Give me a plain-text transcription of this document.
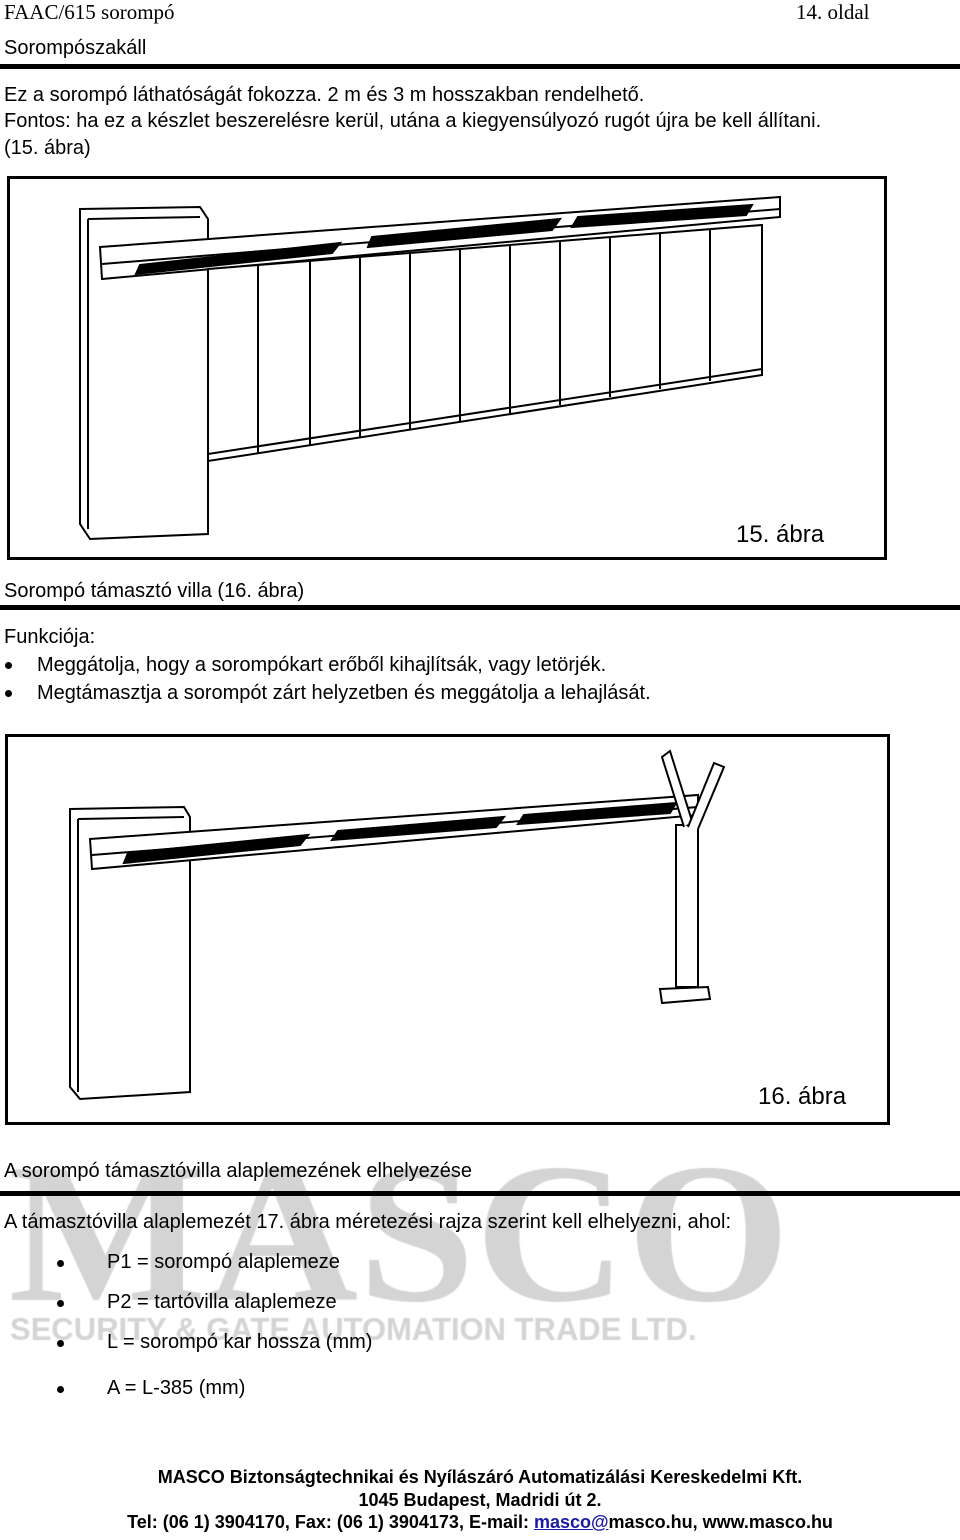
FAAC/615 sorompó	14. oldal
Sorompószakáll
Ez a sorompó láthatóságát fokozza. 2 m és 3 m hosszakban rendelhető.
Fontos: ha ez a készlet beszerelésre kerül, utána a kiegyensúlyozó rugót újra be kell állítani.
(15. ábra)
15. ábra
Sorompó támasztó villa (16. ábra)
Funkciója:
Meggátolja, hogy a sorompókart erőből kihajlítsák, vagy letörjék.
Megtámasztja a sorompót zárt helyzetben és meggátolja a lehajlását.
16. ábra
A sorompó támasztóvilla alaplemezének elhelyezése
A támasztóvilla alaplemezét 17. ábra méretezési rajza szerint kell elhelyezni, ahol:
P1 = sorompó alaplemeze
P2 = tartóvilla alaplemeze
L = sorompó kar hossza (mm)
A = L-385 (mm)
MASCO Biztonságtechnikai és Nyílászáró Automatizálási Kereskedelmi Kft.
1045 Budapest, Madridi út 2.
Tel: (06 1) 3904170, Fax: (06 1) 3904173, E-mail: masco@masco.hu, www.masco.hu
